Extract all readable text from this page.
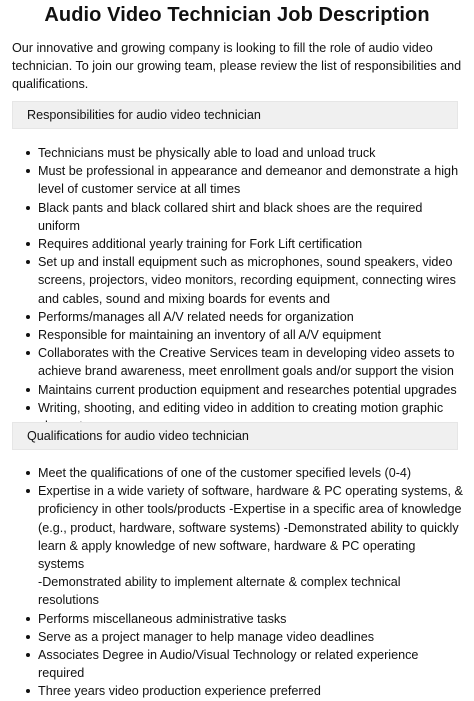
Audio Video Technician Job Description
Our innovative and growing company is looking to fill the role of audio video
technician. To join our growing team, please review the list of responsibilities and
qualifications.
Responsibilities for audio video technician
Technicians must be physically able to load and unload truck
Must be professional in appearance and demeanor and demonstrate a high
level of customer service at all times
Black pants and black collared shirt and black shoes are the required uniform
Requires additional yearly training for Fork Lift certification
Set up and install equipment such as microphones, sound speakers, video
screens, projectors, video monitors, recording equipment, connecting wires
and cables, sound and mixing boards for events and
Performs/manages all A/V related needs for organization
Responsible for maintaining an inventory of all A/V equipment
Collaborates with the Creative Services team in developing video assets to
achieve brand awareness, meet enrollment goals and/or support the vision
Maintains current production equipment and researches potential upgrades
Writing, shooting, and editing video in addition to creating motion graphic
Qualifications for audio video technician
Meet the qualifications of one of the customer specified levels (0-4)
Expertise in a wide variety of software, hardware & PC operating systems, &
proficiency in other tools/products -Expertise in a specific area of knowledge
(e.g., product, hardware, software systems) -Demonstrated ability to quickly
learn & apply knowledge of new software, hardware & PC operating systems
-Demonstrated ability to implement alternate & complex technical resolutions
Performs miscellaneous administrative tasks
Serve as a project manager to help manage video deadlines
Associates Degree in Audio/Visual Technology or related experience required
Three years video production experience preferred
